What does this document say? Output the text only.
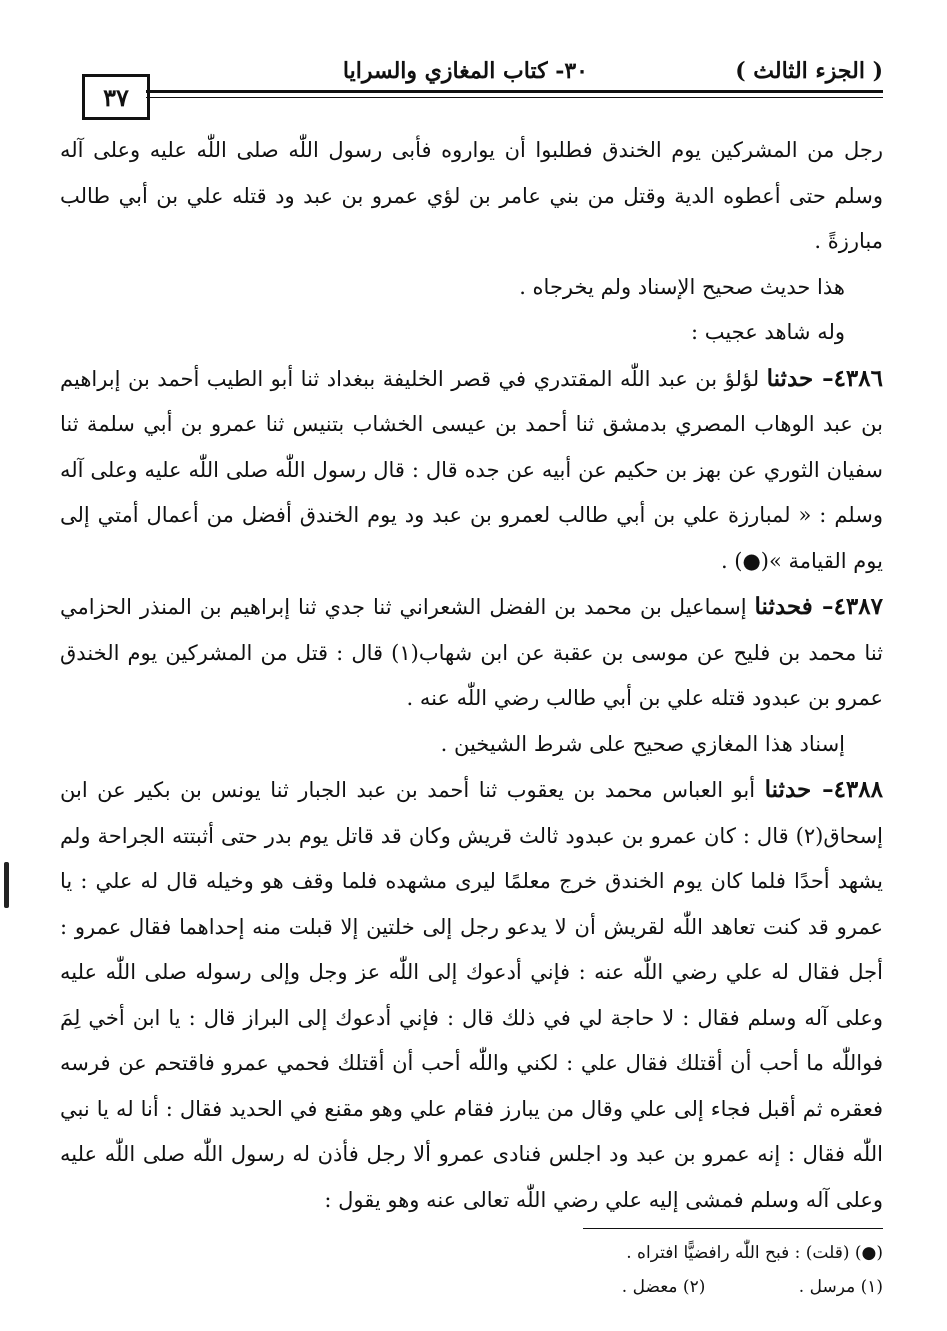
( الجزء الثالث )
٣٠- كتاب المغازي والسرايا
٣٧

رجل من المشركين يوم الخندق فطلبوا أن يواروه فأبى رسول اللّٰه صلى اللّٰه عليه وعلى آله وسلم حتى أعطوه الدية وقتل من بني عامر بن لؤي عمرو بن عبد ود قتله علي بن أبي طالب مبارزةً .

هذا حديث صحيح الإسناد ولم يخرجاه .

وله شاهد عجيب :

٤٣٨٦– حدثنا لؤلؤ بن عبد اللّٰه المقتدري في قصر الخليفة ببغداد ثنا أبو الطيب أحمد بن إبراهيم بن عبد الوهاب المصري بدمشق ثنا أحمد بن عيسى الخشاب بتنيس ثنا عمرو بن أبي سلمة ثنا سفيان الثوري عن بهز بن حكيم عن أبيه عن جده قال : قال رسول اللّٰه صلى اللّٰه عليه وعلى آله وسلم : « لمبارزة علي بن أبي طالب لعمرو بن عبد ود يوم الخندق أفضل من أعمال أمتي إلى يوم القيامة »(●) .

٤٣٨٧– فحدثنا إسماعيل بن محمد بن الفضل الشعراني ثنا جدي ثنا إبراهيم بن المنذر الحزامي ثنا محمد بن فليح عن موسى بن عقبة عن ابن شهاب(١) قال : قتل من المشركين يوم الخندق عمرو بن عبدود قتله علي بن أبي طالب رضي اللّٰه عنه .

إسناد هذا المغازي صحيح على شرط الشيخين .

٤٣٨٨– حدثنا أبو العباس محمد بن يعقوب ثنا أحمد بن عبد الجبار ثنا يونس بن بكير عن ابن إسحاق(٢) قال : كان عمرو بن عبدود ثالث قريش وكان قد قاتل يوم بدر حتى أثبتته الجراحة ولم يشهد أحدًا فلما كان يوم الخندق خرج معلمًا ليرى مشهده فلما وقف هو وخيله قال له علي : يا عمرو قد كنت تعاهد اللّٰه لقريش أن لا يدعو رجل إلى خلتين إلا قبلت منه إحداهما فقال عمرو : أجل فقال له علي رضي اللّٰه عنه : فإني أدعوك إلى اللّٰه عز وجل وإلى رسوله صلى اللّٰه عليه وعلى آله وسلم فقال : لا حاجة لي في ذلك قال : فإني أدعوك إلى البراز قال : يا ابن أخي لِمَ فواللّٰه ما أحب أن أقتلك فقال علي : لكني واللّٰه أحب أن أقتلك فحمي عمرو فاقتحم عن فرسه فعقره ثم أقبل فجاء إلى علي وقال من يبارز فقام علي وهو مقنع في الحديد فقال : أنا له يا نبي اللّٰه فقال : إنه عمرو بن عبد ود اجلس فنادى عمرو ألا رجل فأذن له رسول اللّٰه صلى اللّٰه عليه وعلى آله وسلم فمشى إليه علي رضي اللّٰه تعالى عنه وهو يقول :

(●) (قلت) : فبح اللّٰه رافضيًّا افتراه .
(١) مرسل . (٢) معضل .
